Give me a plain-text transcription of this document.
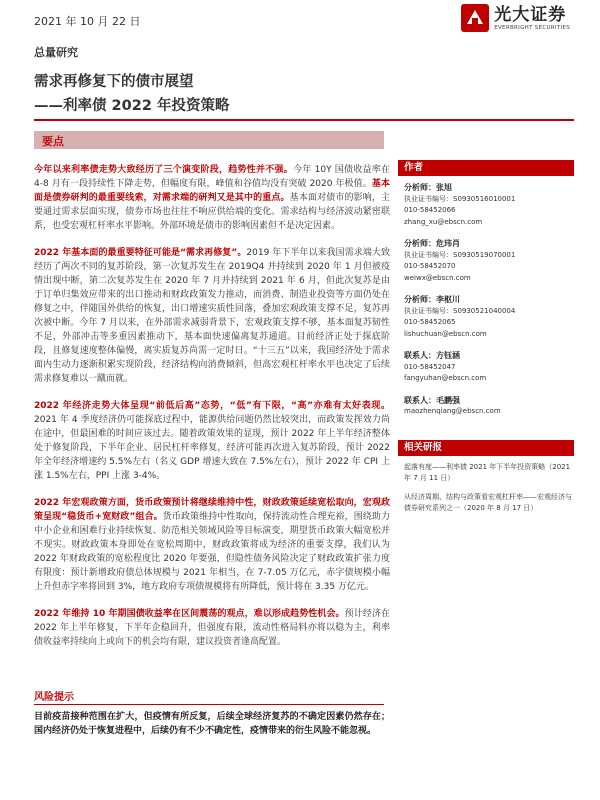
2021 年 10 月 22 日	光大证券
EVERBRIGHT SECURITIES
总量研究
需求再修复下的债市展望
——利率债 2022 年投资策略
要点

今年以来利率债走势大致经历了三个演变阶段，趋势性并不强。今年 10Y 国债收益率在 4-8 月有一段持续性下降走势，但幅度有限，峰值和谷值均没有突破 2020 年极值。基本面是债券研判的最重要线索，对需求端的研判又是其中的重点。基本面对债市的影响，主要通过需求层面实现，债券市场也往往不响应供给端的变化。需求结构与经济波动紧密联系，也受宏观杠杆率水平影响。外部环境是债市的影响因素但不是决定因素。

2022 年基本面的最重要特征可能是“需求再修复”。2019 年下半年以来我国需求端大致经历了两次不同的复苏阶段，第一次复苏发生在 2019Q4 并持续到 2020 年 1 月但被疫情出现中断，第二次复苏发生在 2020 年 7 月并持续到 2021 年 6 月，但此次复苏是由于订单归集效应带来的出口推动和财政政策发力推动，而消费、制造业投资等方面仍处在修复之中，伴随国外供给的恢复，出口增速实质性回落，叠加宏观政策支撑不足，复苏再次被中断。今年 7 月以来，在外部需求减弱背景下，宏观政策支撑不够，基本面复苏韧性不足，外部冲击等多重因素推动下，基本面快速偏离复苏通道。目前经济正处于探底阶段，且修复速度整体偏慢，离实质复苏尚需一定时日。“十三五”以来，我国经济处于需求面内生动力逐渐积累实现阶段，经济结构向消费倾斜，但高宏观杠杆率水平也决定了后续需求修复难以一蹴而就。

2022 年经济走势大体呈现“前低后高”态势，“低”有下限，“高”亦难有太好表现。2021 年 4 季度经济仍可能探底过程中，能源供给问题仍然比较突出，而政策发挥效力尚在途中，但最困难的时间应该过去。随着政策效果的显现，预计 2022 年上半年经济整体处于修复阶段，下半年企业、居民杠杆率修复，经济可能再次进入复苏阶段，预计 2022 年全年经济增速约 5.5%左右（名义 GDP 增速大致在 7.5%左右），预计 2022 年 CPI 上涨 1.5%左右，PPI 上涨 3-4%。

2022 年宏观政策方面，货币政策预计将继续维持中性，财政政策延续宽松取向，宏观政策呈现“稳货币+宽财政”组合。货币政策维持中性取向，保持流动性合理充裕，围绕助力中小企业和困难行业持续恢复、防范相关领域风险等目标演变，期望货币政策大幅宽松并不现实。财政政策本身即处在宽松周期中，财政政策将成为经济的重要支撑，我们认为 2022 年财政政策的宽松程度比 2020 年要强，但隐性债务风险决定了财政政策扩张力度有限度：预计新增政府债总体规模与 2021 年相当，在 7-7.05 万亿元，赤字债规模小幅上升但赤字率将回到 3%，地方政府专项债规模将有所降低，预计将在 3.35 万亿元。

2022 年维持 10 年期国债收益率在区间震荡的观点，难以形成趋势性机会。预计经济在 2022 年上半年修复，下半年企稳回升，但强度有限，流动性格局料亦将以稳为主，利率债收益率持续向上或向下的机会均有限，建议投资者逢高配置。

风险提示
目前疫苗接种范围在扩大，但疫情有所反复，后续全球经济复苏的不确定因素仍然存在；国内经济仍处于恢复进程中，后续仍有不少不确定性，疫情带来的衍生风险不能忽视。
作者
分析师：张旭
执业证书编号：S0930516010001
010-58452066
zhang_xu@ebscn.com
分析师：危玮肖
执业证书编号：S0930519070001
010-58452070
weiwx@ebscn.com
分析师：李枢川
执业证书编号：S0930521040004
010-58452065
lishuchuan@ebscn.com
联系人：方钰涵
010-58452047
fangyuhan@ebscn.com
联系人：毛鹏强
maozhenqiang@ebscn.com
相关研报
起落有度——利率债 2021 年下半年投资策略（2021 年 7 月 11 日）
从经济周期、结构与政策看宏观杠杆率——宏观经济与债券研究系列之一（2020 年 8 月 17 日）
